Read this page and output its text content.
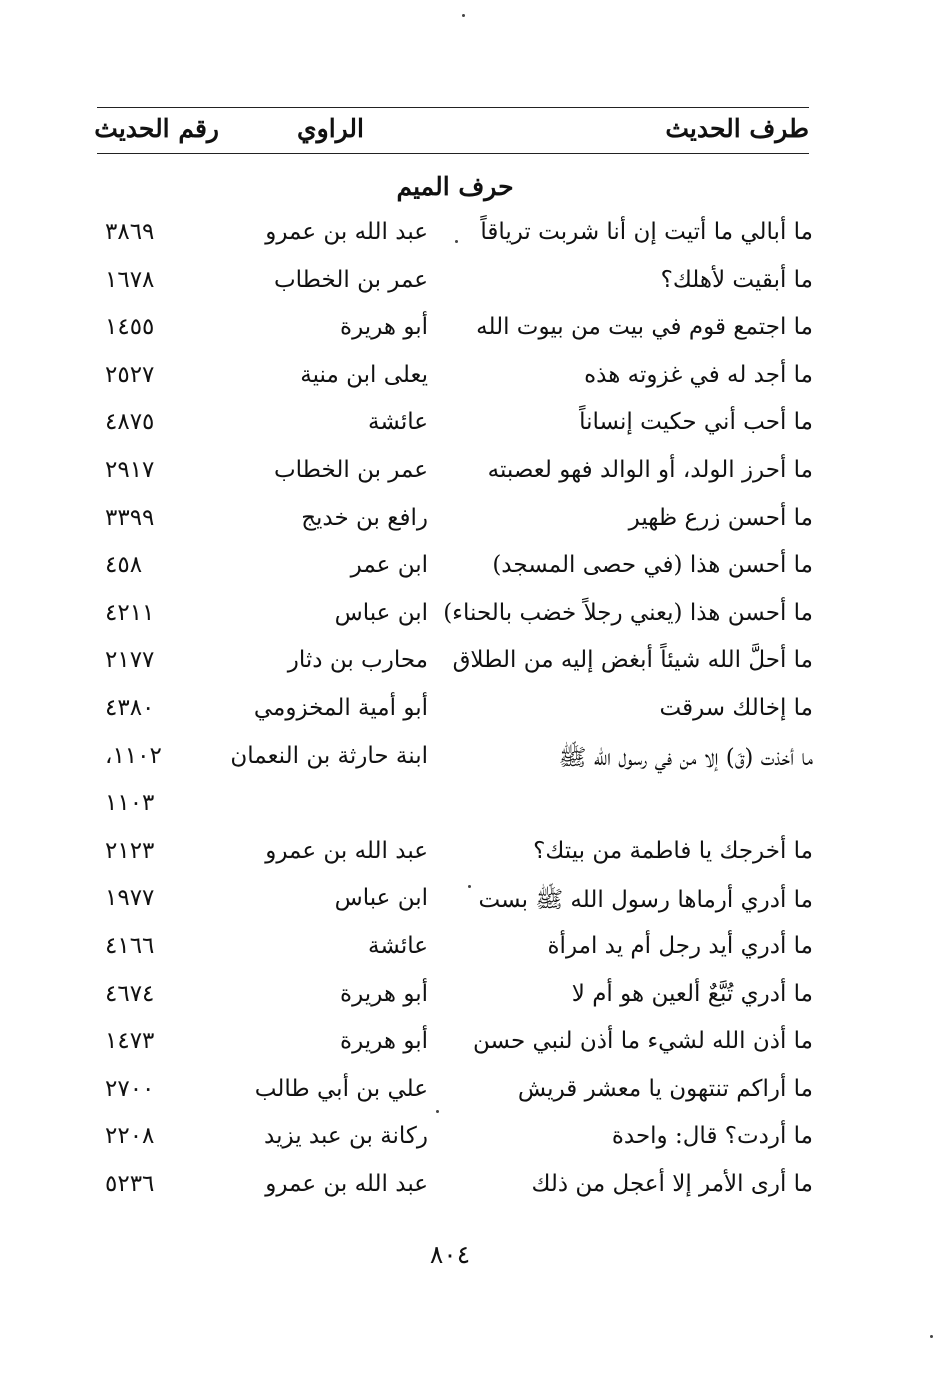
طرف الحديث
الراوي
رقم الحديث
حرف الميم
ما أبالي ما أتيت إن أنا شربت ترياقاً
عبد الله بن عمرو
٣٨٦٩
ما أبقيت لأهلك؟
عمر بن الخطاب
١٦٧٨
ما اجتمع قوم في بيت من بيوت الله
أبو هريرة
١٤٥٥
ما أجد له في غزوته هذه
يعلى ابن منية
٢٥٢٧
ما أحب أني حكيت إنساناً
عائشة
٤٨٧٥
ما أحرز الولد، أو الوالد فهو لعصبته
عمر بن الخطاب
٢٩١٧
ما أحسن زرع ظهير
رافع بن خديج
٣٣٩٩
ما أحسن هذا (في حصى المسجد)
ابن عمر
٤٥٨
ما أحسن هذا (يعني رجلاً خضب بالحناء)
ابن عباس
٤٢١١
ما أحلَّ الله شيئاً أبغض إليه من الطلاق
محارب بن دثار
٢١٧٧
ما إخالك سرقت
أبو أمية المخزومي
٤٣٨٠
ما أخذت (قَ) إلا من في رسول الله ﷺ
ابنة حارثة بن النعمان
١١٠٢،
١١٠٣
ما أخرجك يا فاطمة من بيتك؟
عبد الله بن عمرو
٢١٢٣
ما أدري أرماها رسول الله ﷺ بست
ابن عباس
١٩٧٧
ما أدري أيد رجل أم يد امرأة
عائشة
٤١٦٦
ما أدري تُبَّعٌ ألعين هو أم لا
أبو هريرة
٤٦٧٤
ما أذن الله لشيء ما أذن لنبي حسن
أبو هريرة
١٤٧٣
ما أراكم تنتهون يا معشر قريش
علي بن أبي طالب
٢٧٠٠
ما أردت؟ قال: واحدة
ركانة بن عبد يزيد
٢٢٠٨
ما أرى الأمر إلا أعجل من ذلك
عبد الله بن عمرو
٥٢٣٦
٨٠٤
